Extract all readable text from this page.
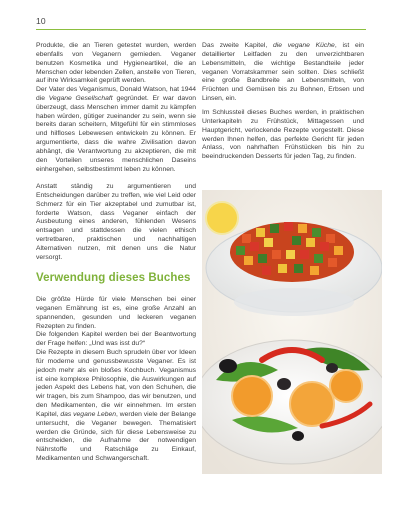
10

Produkte, die an Tieren getestet wurden, werden ebenfalls von Veganern gemieden. Veganer benutzen Kosmetika und Hygieneartikel, die an Menschen oder lebenden Zellen, anstelle von Tieren, auf ihre Wirksamkeit geprüft werden.

Der Vater des Veganismus, Donald Watson, hat 1944 die Vegane Gesellschaft gegründet. Er war davon überzeugt, dass Menschen immer damit zu kämpfen haben würden, gütiger zueinander zu sein, wenn sie bereits daran scheitern, Mitgefühl für ein stimmloses und hilfloses Lebewesen entwickeln zu können. Er argumentierte, dass die wahre Zivilisation davon abhängt, die Verantwortung zu akzeptieren, die mit den Vorteilen unseres menschlichen Daseins einhergehen, selbstbestimmt leben zu können.

Anstatt ständig zu argumentieren und Entscheidungen darüber zu treffen, wie viel Leid oder Schmerz für ein Tier akzeptabel und zumutbar ist, forderte Watson, dass Veganer einfach der Ausbeutung eines anderen, fühlenden Wesens entsagen und stattdessen die vielen ethisch vertretbaren, praktischen und nachhaltigen Alternativen nutzen, mit denen uns die Natur versorgt.

Verwendung dieses Buches

Die größte Hürde für viele Menschen bei einer veganen Ernährung ist es, eine große Anzahl an spannenden, gesunden und leckeren veganen Rezepten zu finden.

Die folgenden Kapitel werden bei der Beantwortung der Frage helfen: „Und was isst du?“

Die Rezepte in diesem Buch sprudeln über vor Ideen für moderne und genussbewusste Veganer. Es ist jedoch mehr als ein bloßes Kochbuch. Veganismus ist eine komplexe Philosophie, die Auswirkungen auf jeden Aspekt des Lebens hat, von den Schuhen, die wir tragen, bis zum Shampoo, das wir benutzen, und den Medikamenten, die wir einnehmen. Im ersten Kapitel, das vegane Leben, werden viele der Belange untersucht, die Veganer bewegen. Thematisiert werden die Gründe, sich für diese Lebensweise zu entscheiden, die Aufnahme der notwendigen Nährstoffe und Ratschläge zu Einkauf, Medikamenten und Schwangerschaft.

Das zweite Kapitel, die vegane Küche, ist ein detaillierter Leitfaden zu den unverzichtbaren Lebensmitteln, die wichtige Bestandteile jeder veganen Vorratskammer sein sollten. Dies schließt eine große Bandbreite an Lebensmitteln, von Früchten und Gemüsen bis zu Bohnen, Erbsen und Linsen, ein.

Im Schlussteil dieses Buches werden, in praktischen Unterkapiteln zu Frühstück, Mittagessen und Hauptgericht, verlockende Rezepte vorgestellt. Diese werden Ihnen helfen, das perfekte Gericht für jeden Anlass, von nahrhaften Frühstücken bis hin zu beeindruckenden Desserts für jeden Tag, zu finden.
